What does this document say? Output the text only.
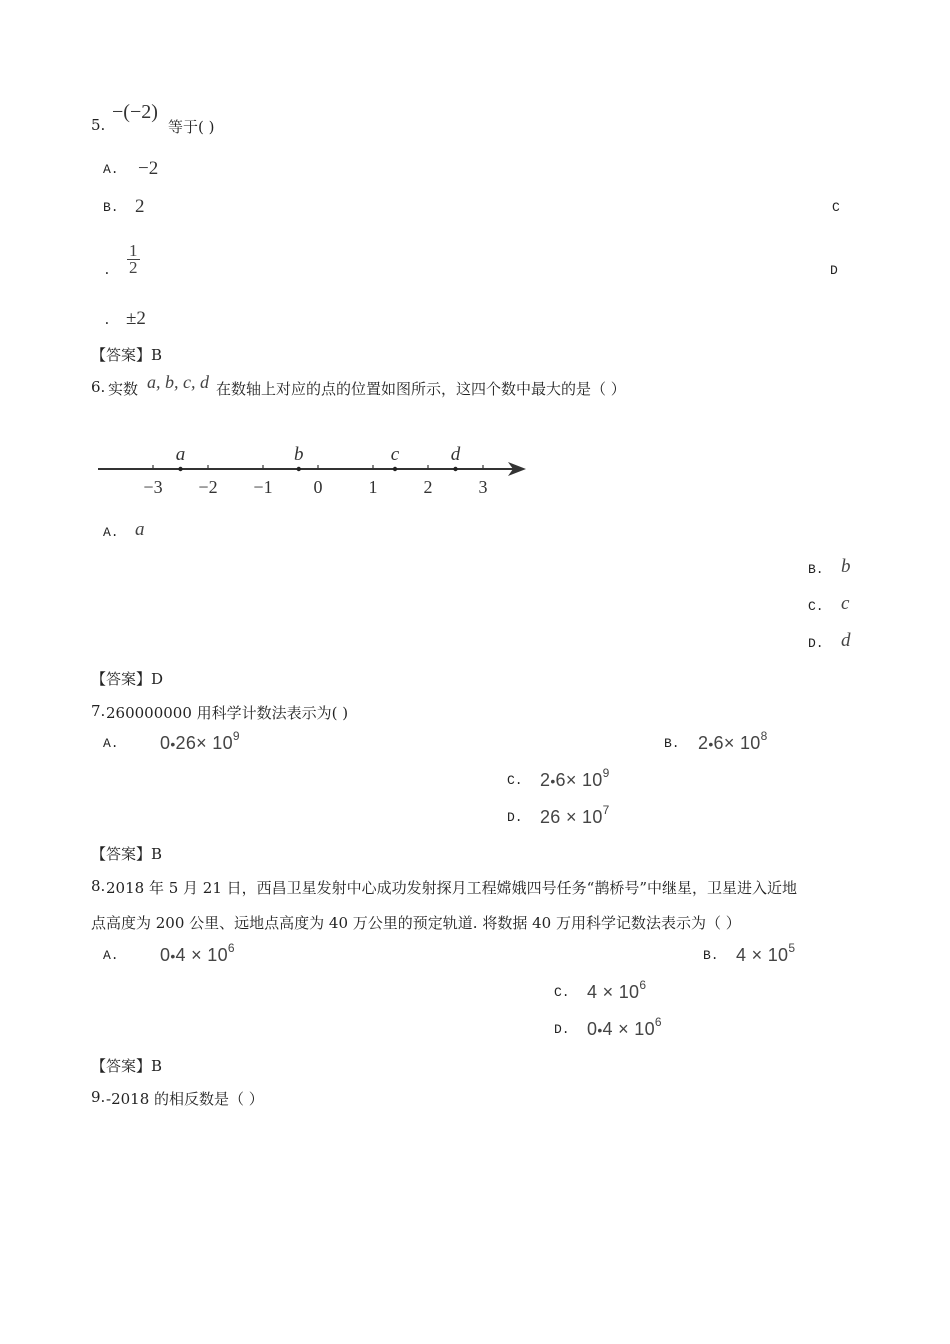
5.
−(−2)
等于( )
A. −2
B. 2	C
. $\frac{1}{2}$	D
. ±2
【答案】B
6. 实数 a, b, c, d 在数轴上对应的点的位置如图所示，这四个数中最大的是（ ）
−3 −2 −1 0	1	2	3
a	b	c	d
A. a
B. b
C. c
D. d
【答案】D
7. 260000000 用科学计数法表示为( )
A. 0•26× $10^9$	B. 2•6× $10^8$
C. 2•6× $10^9$
D. $26 \times 10^7$
【答案】B
8. 2018 年 5 月 21 日，西昌卫星发射中心成功发射探月工程嫦娥四号任务“鹊桥号”中继星，卫星进入近地
点高度为 200 公里、远地点高度为 40 万公里的预定轨道. 将数据 40 万用科学记数法表示为（ ）
A. 0•4 × $10^6$	B. $4 \times 10^5$
C. $4 \times 10^6$
D. 0•4 × $10^6$
【答案】B
9. -2018 的相反数是（ ）
